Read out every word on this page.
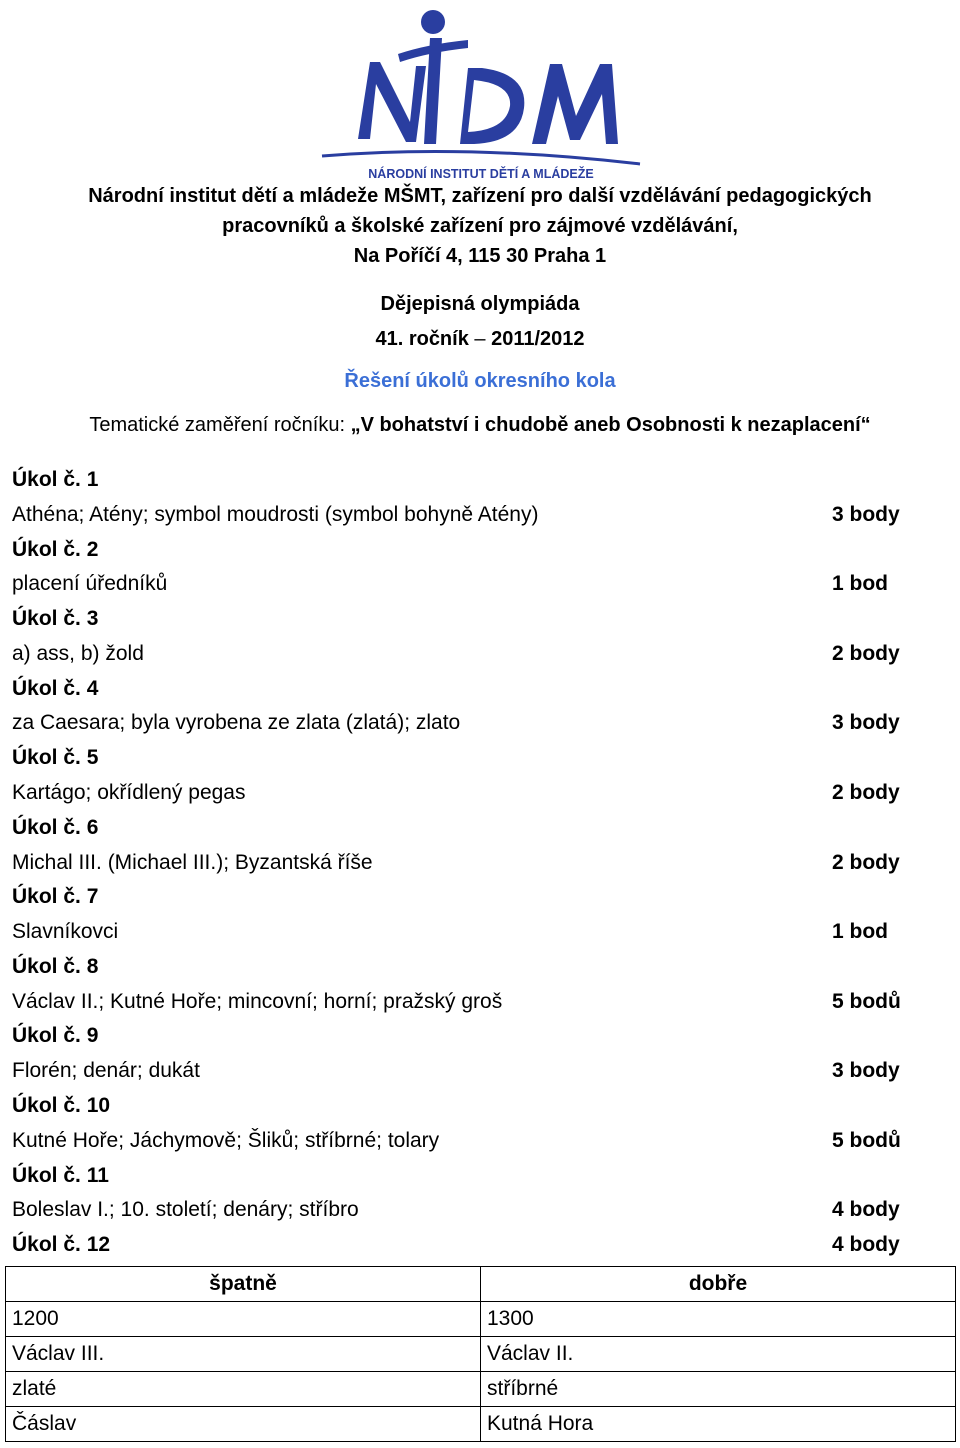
NÁRODNÍ INSTITUT DĚTÍ A MLÁDEŽE
Národní institut dětí a mládeže MŠMT, zařízení pro další vzdělávání pedagogických
pracovníků a školské zařízení pro zájmové vzdělávání,
Na Poříčí 4, 115 30 Praha 1
Dějepisná olympiáda
41. ročník – 2011/2012
Řešení úkolů okresního kola
Tematické zaměření ročníku: „V bohatství i chudobě aneb Osobnosti k nezaplacení“
Úkol č. 1
Athéna; Atény; symbol moudrosti (symbol bohyně Atény)	3 body
Úkol č. 2
placení úředníků	1 bod
Úkol č. 3
a) ass, b) žold	2 body
Úkol č. 4
za Caesara; byla vyrobena ze zlata (zlatá); zlato	3 body
Úkol č. 5
Kartágo; okřídlený pegas	2 body
Úkol č. 6
Michal III. (Michael III.); Byzantská říše	2 body
Úkol č. 7
Slavníkovci	1 bod
Úkol č. 8
Václav II.; Kutné Hoře; mincovní; horní; pražský groš	5 bodů
Úkol č. 9
Florén; denár; dukát	3 body
Úkol č. 10
Kutné Hoře; Jáchymově; Šliků; stříbrné; tolary	5 bodů
Úkol č. 11
Boleslav I.; 10. století; denáry; stříbro	4 body
Úkol č. 12	4 body
špatně	dobře
1200	1300
Václav III.	Václav II.
zlaté	stříbrné
Čáslav	Kutná Hora
